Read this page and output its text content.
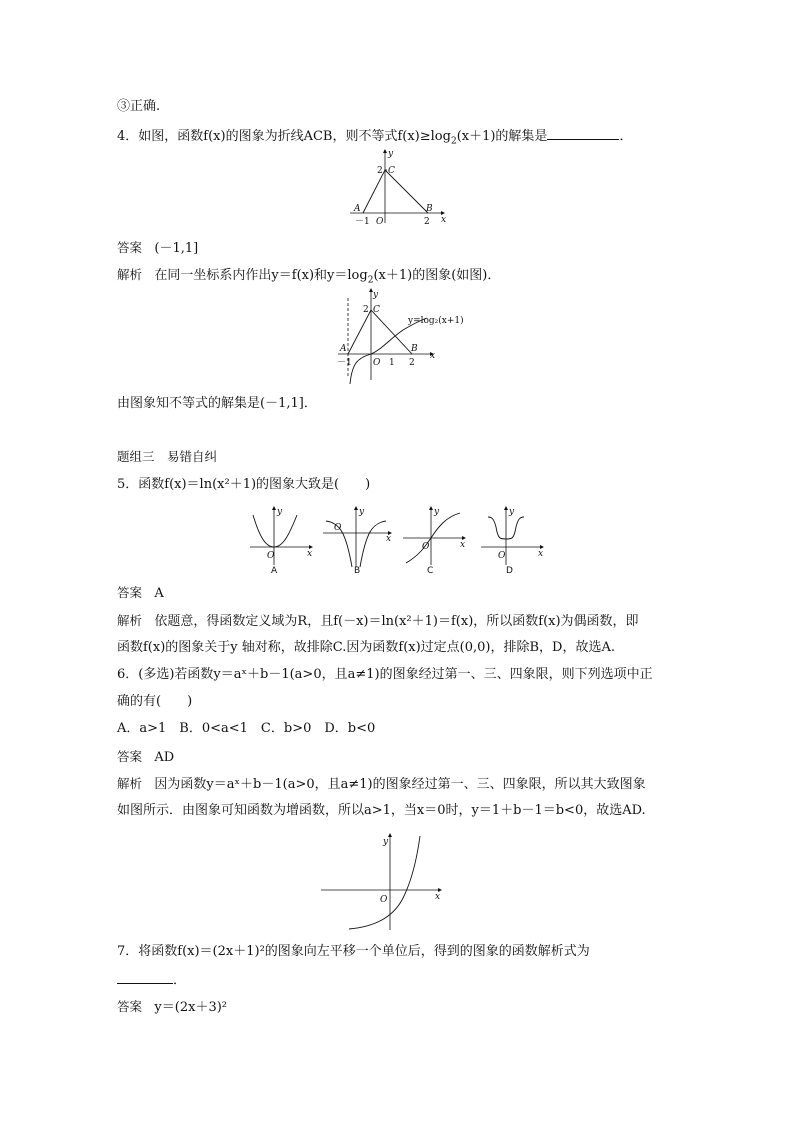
③正确.
4．如图，函数f(x)的图象为折线ACB，则不等式$f(x)\ge\log_2(x+1)$的解集是	．
y
x
2 C
A	B
－1 O	2
答案 (－1,1]
解析 在同一坐标系内作出y＝f(x)和$y=\log_2(x+1)$的图象(如图)．
2
y
C
y=log₂(x+1)
A	B
x
－1 O 1 2
由图象知不等式的解集是(－1,1]．
题组三　易错自纠
5．函数f(x)＝ln(x²＋1)的图象大致是(　　)
y
x
O
A
y
x
O
B
y
x
O
C
y
x
O
D
答案 A
解析 依题意，得函数定义域为R，且f(－x)＝ln(x²＋1)＝f(x)，所以函数f(x)为偶函数，即
函数f(x)的图象关于y 轴对称，故排除C.因为函数f(x)过定点(0,0)，排除B，D，故选A.
6．(多选)若函数y＝aˣ＋b－1(a>0，且a≠1)的图象经过第一、三、四象限，则下列选项中正
确的有(　　)
A．a>1　B．0<a<1　C．b>0　D．b<0
答案 AD
解析 因为函数y＝aˣ＋b－1(a>0，且a≠1)的图象经过第一、三、四象限，所以其大致图象
如图所示．由图象可知函数为增函数，所以a>1，当x＝0时，y＝1＋b－1＝b<0，故选AD.
y
x
O
7．将函数f(x)＝(2x＋1)²的图象向左平移一个单位后，得到的图象的函数解析式为
．
答案 y＝(2x＋3)²
